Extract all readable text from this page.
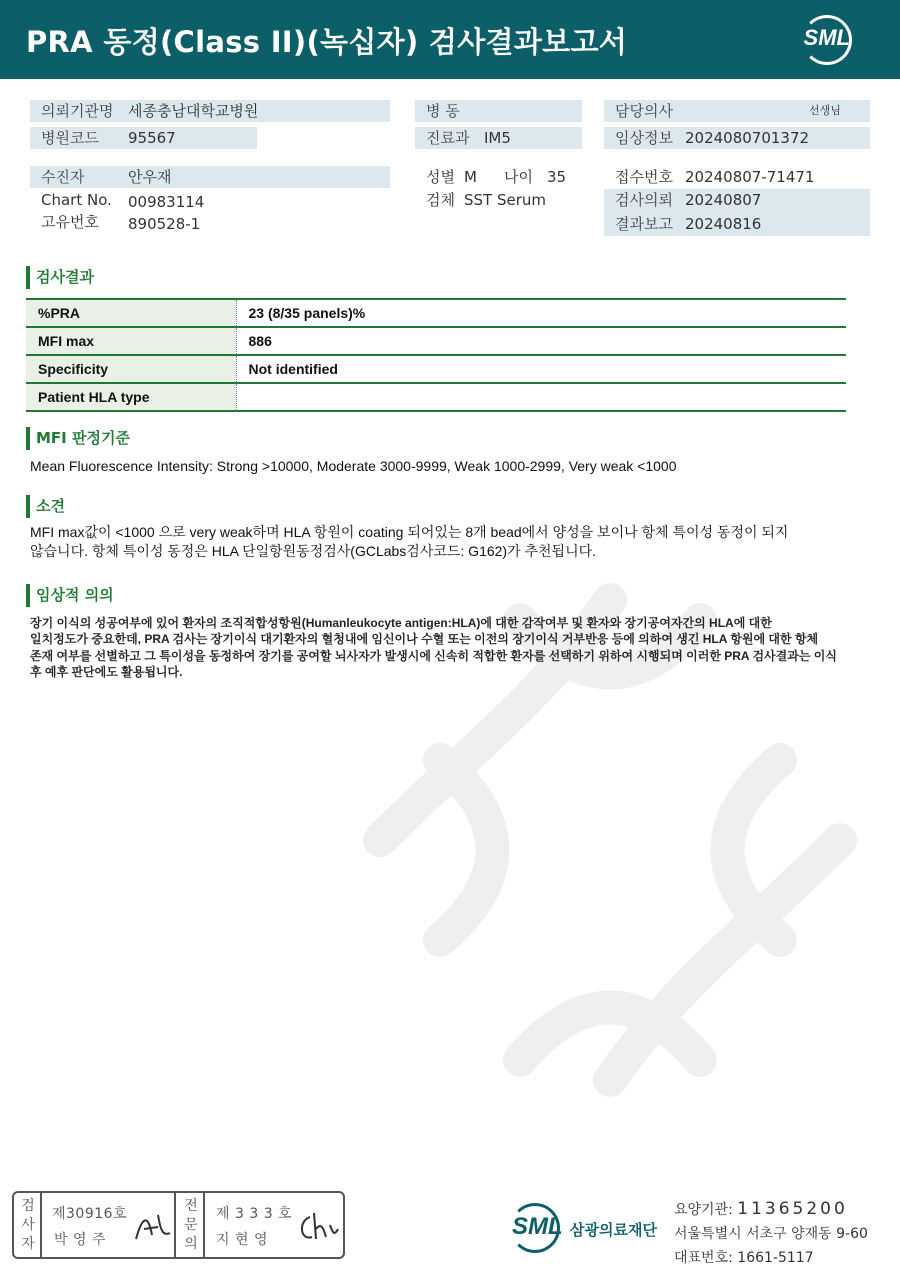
PRA 동정(Class II)(녹십자) 검사결과보고서	SML
의뢰기관명 세종충남대학교병원
병원코드 95567
수진자	안우재
Chart No. 00983114
고유번호 890528-1
병 동
진료과 IM5
성별 M 나이 35
검체 SST Serum
담당의사	선생님
임상정보 2024080701372
접수번호 20240807-71471
검사의뢰 20240807
결과보고 20240816
검사결과
%PRA	23 (8/35 panels)%
MFI max	886
Specificity	Not identified
Patient HLA type	
MFI 판정기준
Mean Fluorescence Intensity: Strong >10000, Moderate 3000-9999, Weak 1000-2999, Very weak <1000
소견
MFI max값이 <1000 으로 very weak하며 HLA 항원이 coating 되어있는 8개 bead에서 양성을 보이나 항체 특이성 동정이 되지
않습니다. 항체 특이성 동정은 HLA 단일항원동정검사(GCLabs검사코드: G162)가 추천됩니다.
임상적 의의
장기 이식의 성공여부에 있어 환자의 조직적합성항원(Humanleukocyte antigen:HLA)에 대한 감작여부 및 환자와 장기공여자간의 HLA에 대한
일치정도가 중요한데, PRA 검사는 장기이식 대기환자의 혈청내에 임신이나 수혈 또는 이전의 장기이식 거부반응 등에 의하여 생긴 HLA 항원에 대한 항체
존재 여부를 선별하고 그 특이성을 동정하여 장기를 공여할 뇌사자가 발생시에 신속히 적합한 환자를 선택하기 위하여 시행되며 이러한 PRA 검사결과는 이식
후 예후 판단에도 활용됩니다.
검
사
자
제30916호
박 영 주
전
문
의
제 3 3 3 호
지 현 영	SML 삼광의료재단
요양기관: 11365200
서울특별시 서초구 양재동 9-60
대표번호: 1661-5117
